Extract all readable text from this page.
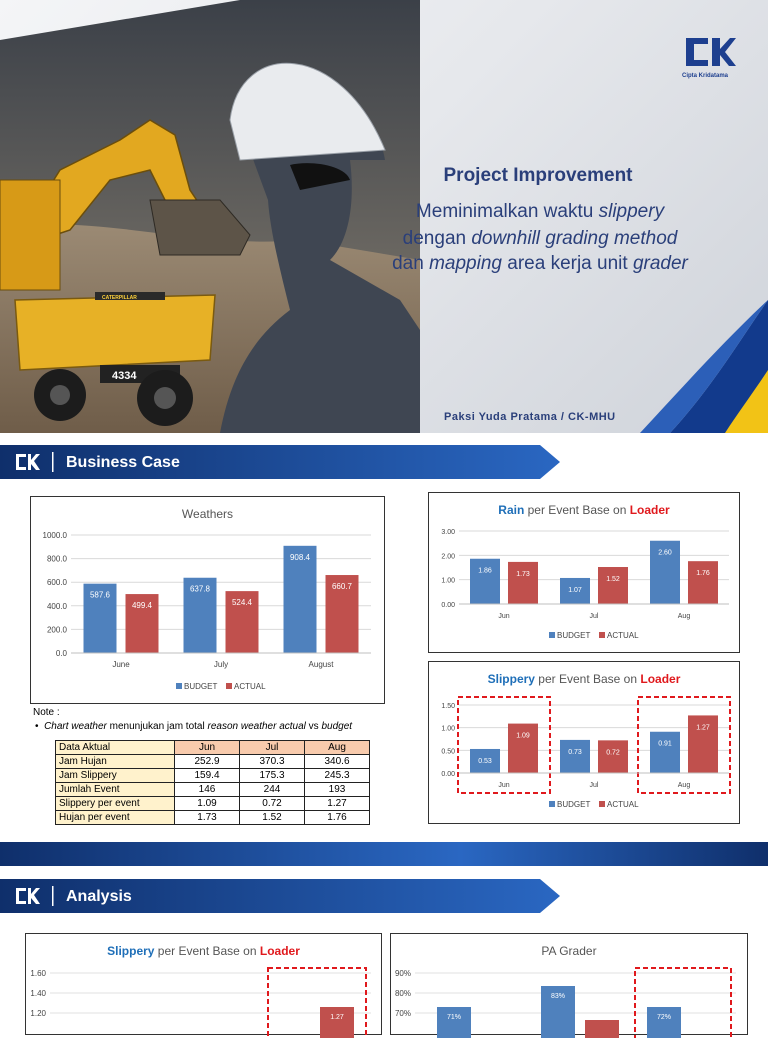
4334
CATERPILLAR
Cipta Kridatama
Project Improvement
Meminimalkan waktu slippery
dengan downhill grading method
dan mapping area kerja unit grader
Paksi Yuda Pratama / CK-MHU
Business Case
Weathers
0.0
200.0
400.0
600.0
800.0
1000.0
587.6
499.4
June
637.8
524.4
July
908.4
660.7
August
BUDGET ACTUAL
Note :
•  Chart weather menunjukan jam total reason weather actual vs budget
Data Aktual	Jun	Jul	Aug
Jam Hujan	252.9	370.3	340.6
Jam Slippery	159.4	175.3	245.3
Jumlah Event	146	244	193
Slippery per event	1.09	0.72	1.27
Hujan per event	1.73	1.52	1.76
Rain per Event Base on Loader
0.00
1.00
2.00
3.00
1.86	1.73
Jun
1.07
1.52
Jul
2.60
1.76
Aug
BUDGET ACTUAL
Slippery per Event Base on Loader
0.00
0.50
1.00
1.50
0.53
1.09
Jun
0.73	0.72
Jul
0.91
1.27
Aug
BUDGET ACTUAL
Analysis
Slippery per Event Base on Loader
1.60
1.40
1.20	1.27
PA Grader
90%
80%
70%	71%
83%
72%
